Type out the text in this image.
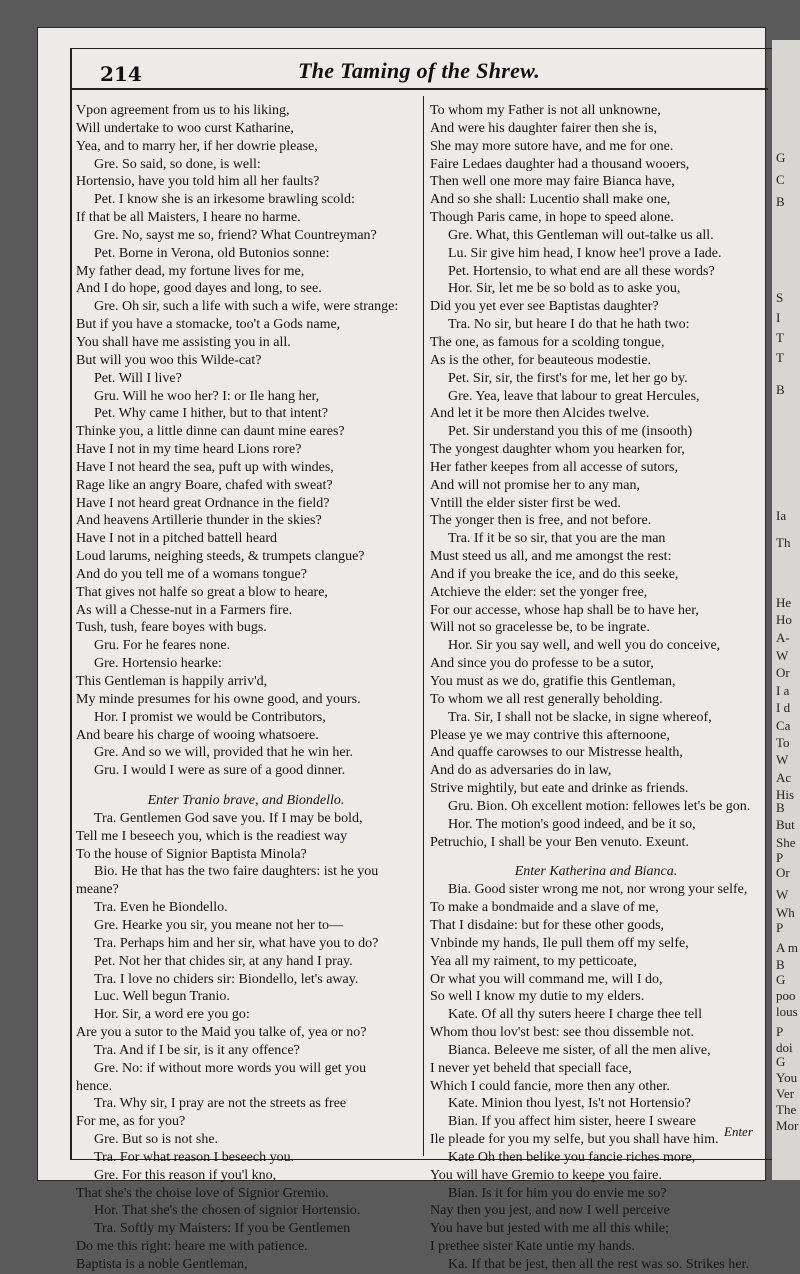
214	The Taming of the Shrew.
Vpon agreement from us to his liking,
Will undertake to woo curst Katharine,
Yea, and to marry her, if her dowrie please,
Gre. So said, so done, is well:
Hortensio, have you told him all her faults?
Pet. I know she is an irkesome brawling scold:
If that be all Maisters, I heare no harme.
Gre. No, sayst me so, friend? What Countreyman?
Pet. Borne in Verona, old Butonios sonne:
My father dead, my fortune lives for me,
And I do hope, good dayes and long, to see.
Gre. Oh sir, such a life with such a wife, were strange:
But if you have a stomacke, too't a Gods name,
You shall have me assisting you in all.
But will you woo this Wilde-cat?
Pet. Will I live?
Gru. Will he woo her? I: or Ile hang her,
Pet. Why came I hither, but to that intent?
Thinke you, a little dinne can daunt mine eares?
Have I not in my time heard Lions rore?
Have I not heard the sea, puft up with windes,
Rage like an angry Boare, chafed with sweat?
Have I not heard great Ordnance in the field?
And heavens Artillerie thunder in the skies?
Have I not in a pitched battell heard
Loud larums, neighing steeds, & trumpets clangue?
And do you tell me of a womans tongue?
That gives not halfe so great a blow to heare,
As will a Chesse-nut in a Farmers fire.
Tush, tush, feare boyes with bugs.
Gru. For he feares none.
Gre. Hortensio hearke:
This Gentleman is happily arriv'd,
My minde presumes for his owne good, and yours.
Hor. I promist we would be Contributors,
And beare his charge of wooing whatsoere.
Gre. And so we will, provided that he win her.
Gru. I would I were as sure of a good dinner.
Enter Tranio brave, and Biondello.
Tra. Gentlemen God save you. If I may be bold,
Tell me I beseech you, which is the readiest way
To the house of Signior Baptista Minola?
Bio. He that has the two faire daughters: ist he you
meane?
Tra. Even he Biondello.
Gre. Hearke you sir, you meane not her to—
Tra. Perhaps him and her sir, what have you to do?
Pet. Not her that chides sir, at any hand I pray.
Tra. I love no chiders sir: Biondello, let's away.
Luc. Well begun Tranio.
Hor. Sir, a word ere you go:
Are you a sutor to the Maid you talke of, yea or no?
Tra. And if I be sir, is it any offence?
Gre. No: if without more words you will get you
hence.
Tra. Why sir, I pray are not the streets as free
For me, as for you?
Gre. But so is not she.
Tra. For what reason I beseech you.
Gre. For this reason if you'l kno,
That she's the choise love of Signior Gremio.
Hor. That she's the chosen of signior Hortensio.
Tra. Softly my Maisters: If you be Gentlemen
Do me this right: heare me with patience.
Baptista is a noble Gentleman,
To whom my Father is not all unknowne,
And were his daughter fairer then she is,
She may more sutore have, and me for one.
Faire Ledaes daughter had a thousand wooers,
Then well one more may faire Bianca have,
And so she shall: Lucentio shall make one,
Though Paris came, in hope to speed alone.
Gre. What, this Gentleman will out-talke us all.
Lu. Sir give him head, I know hee'l prove a Iade.
Pet. Hortensio, to what end are all these words?
Hor. Sir, let me be so bold as to aske you,
Did you yet ever see Baptistas daughter?
Tra. No sir, but heare I do that he hath two:
The one, as famous for a scolding tongue,
As is the other, for beauteous modestie.
Pet. Sir, sir, the first's for me, let her go by.
Gre. Yea, leave that labour to great Hercules,
And let it be more then Alcides twelve.
Pet. Sir understand you this of me (insooth)
The yongest daughter whom you hearken for,
Her father keepes from all accesse of sutors,
And will not promise her to any man,
Vntill the elder sister first be wed.
The yonger then is free, and not before.
Tra. If it be so sir, that you are the man
Must steed us all, and me amongst the rest:
And if you breake the ice, and do this seeke,
Atchieve the elder: set the yonger free,
For our accesse, whose hap shall be to have her,
Will not so gracelesse be, to be ingrate.
Hor. Sir you say well, and well you do conceive,
And since you do professe to be a sutor,
You must as we do, gratifie this Gentleman,
To whom we all rest generally beholding.
Tra. Sir, I shall not be slacke, in signe whereof,
Please ye we may contrive this afternoone,
And quaffe carowses to our Mistresse health,
And do as adversaries do in law,
Strive mightily, but eate and drinke as friends.
Gru. Bion. Oh excellent motion: fellowes let's be gon.
Hor. The motion's good indeed, and be it so,
Petruchio, I shall be your Ben venuto. Exeunt.
Enter Katherina and Bianca.
Bia. Good sister wrong me not, nor wrong your selfe,
To make a bondmaide and a slave of me,
That I disdaine: but for these other goods,
Vnbinde my hands, Ile pull them off my selfe,
Yea all my raiment, to my petticoate,
Or what you will command me, will I do,
So well I know my dutie to my elders.
Kate. Of all thy suters heere I charge thee tell
Whom thou lov'st best: see thou dissemble not.
Bianca. Beleeve me sister, of all the men alive,
I never yet beheld that speciall face,
Which I could fancie, more then any other.
Kate. Minion thou lyest, Is't not Hortensio?
Bian. If you affect him sister, heere I sweare
Ile pleade for you my selfe, but you shall have him.
Kate Oh then belike you fancie riches more,
You will have Gremio to keepe you faire.
Bian. Is it for him you do envie me so?
Nay then you jest, and now I well perceive
You have but jested with me all this while;
I prethee sister Kate untie my hands.
Ka. If that be jest, then all the rest was so. Strikes her.
Enter
G
C
B
S
I
T
T
B
Ia
Th
He
Ho
A-
W
Or
I a
I d
Ca
To
W
Ac
His
B
But
She
P
Or
W
Wh
P
A m
B
G
poo
lous
P
doi
G
You
Ver
The
Mor
